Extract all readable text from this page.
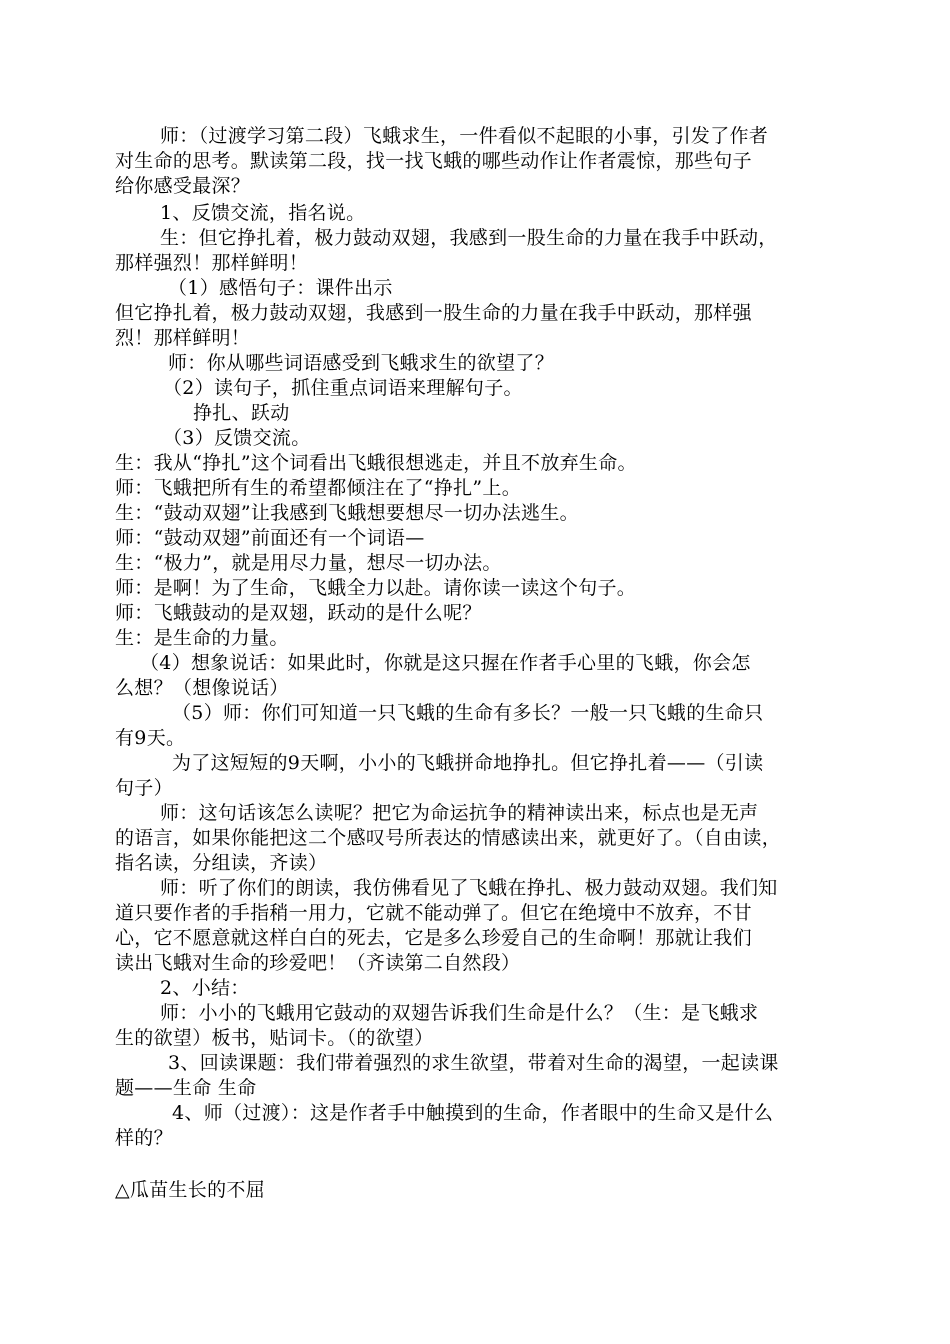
师：（过渡学习第二段）飞蛾求生，一件看似不起眼的小事，引发了作者
对生命的思考。默读第二段，找一找飞蛾的哪些动作让作者震惊，那些句子
给你感受最深？
1、反馈交流，指名说。
生：但它挣扎着，极力鼓动双翅，我感到一股生命的力量在我手中跃动，
那样强烈！那样鲜明！
（1）感悟句子：课件出示
但它挣扎着，极力鼓动双翅，我感到一股生命的力量在我手中跃动，那样强
烈！那样鲜明！
师：你从哪些词语感受到飞蛾求生的欲望了？
（2）读句子，抓住重点词语来理解句子。
挣扎、跃动
（3）反馈交流。
生：我从“挣扎”这个词看出飞蛾很想逃走，并且不放弃生命。
师：飞蛾把所有生的希望都倾注在了“挣扎”上。
生：“鼓动双翅”让我感到飞蛾想要想尽一切办法逃生。
师：“鼓动双翅”前面还有一个词语—
生：“极力”，就是用尽力量，想尽一切办法。
师：是啊！为了生命，飞蛾全力以赴。请你读一读这个句子。
师：飞蛾鼓动的是双翅，跃动的是什么呢？
生：是生命的力量。
（4）想象说话：如果此时，你就是这只握在作者手心里的飞蛾，你会怎
么想？（想像说话）
（5）师：你们可知道一只飞蛾的生命有多长？一般一只飞蛾的生命只
有9天。
为了这短短的9天啊，小小的飞蛾拼命地挣扎。但它挣扎着——（引读
句子）
师：这句话该怎么读呢？把它为命运抗争的精神读出来，标点也是无声
的语言，如果你能把这二个感叹号所表达的情感读出来，就更好了。（自由读，
指名读，分组读，齐读）
师：听了你们的朗读，我仿佛看见了飞蛾在挣扎、极力鼓动双翅。我们知
道只要作者的手指稍一用力，它就不能动弹了。但它在绝境中不放弃，不甘
心，它不愿意就这样白白的死去，它是多么珍爱自己的生命啊！那就让我们
读出飞蛾对生命的珍爱吧！（齐读第二自然段）
2、小结：
师：小小的飞蛾用它鼓动的双翅告诉我们生命是什么？（生：是飞蛾求
生的欲望）板书，贴词卡。（的欲望）
3、回读课题：我们带着强烈的求生欲望，带着对生命的渴望，一起读课
题——生命 生命
4、师（过渡）：这是作者手中触摸到的生命，作者眼中的生命又是什么
样的？
△瓜苗生长的不屈
